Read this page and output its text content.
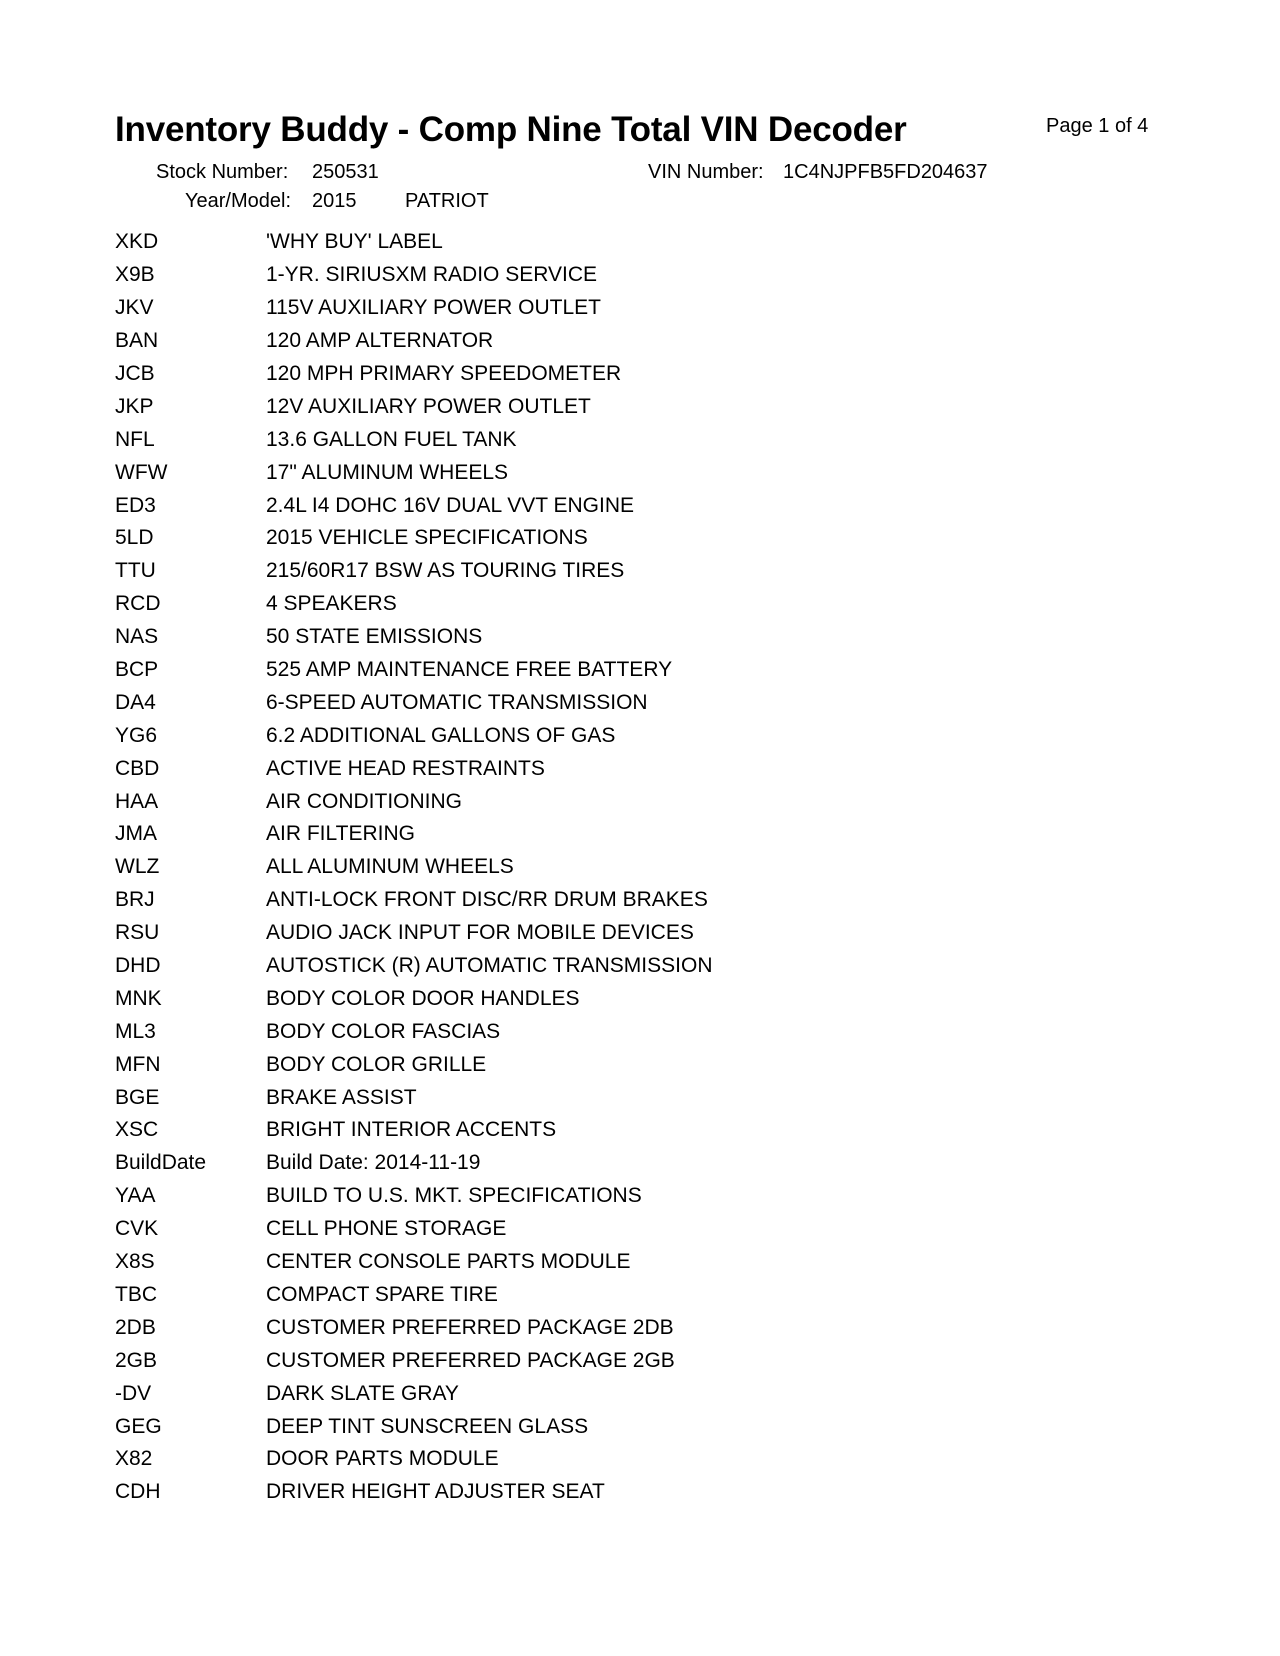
Inventory Buddy - Comp Nine Total VIN Decoder	Page 1 of 4
Stock Number: 250531	VIN Number: 1C4NJPFB5FD204637
Year/Model: 2015 PATRIOT
XKD	'WHY BUY' LABEL
X9B	1-YR. SIRIUSXM RADIO SERVICE
JKV	115V AUXILIARY POWER OUTLET
BAN	120 AMP ALTERNATOR
JCB	120 MPH PRIMARY SPEEDOMETER
JKP	12V AUXILIARY POWER OUTLET
NFL	13.6 GALLON FUEL TANK
WFW	17" ALUMINUM WHEELS
ED3	2.4L I4 DOHC 16V DUAL VVT ENGINE
5LD	2015 VEHICLE SPECIFICATIONS
TTU	215/60R17 BSW AS TOURING TIRES
RCD	4 SPEAKERS
NAS	50 STATE EMISSIONS
BCP	525 AMP MAINTENANCE FREE BATTERY
DA4	6-SPEED AUTOMATIC TRANSMISSION
YG6	6.2 ADDITIONAL GALLONS OF GAS
CBD	ACTIVE HEAD RESTRAINTS
HAA	AIR CONDITIONING
JMA	AIR FILTERING
WLZ	ALL ALUMINUM WHEELS
BRJ	ANTI-LOCK FRONT DISC/RR DRUM BRAKES
RSU	AUDIO JACK INPUT FOR MOBILE DEVICES
DHD	AUTOSTICK (R) AUTOMATIC TRANSMISSION
MNK	BODY COLOR DOOR HANDLES
ML3	BODY COLOR FASCIAS
MFN	BODY COLOR GRILLE
BGE	BRAKE ASSIST
XSC	BRIGHT INTERIOR ACCENTS
BuildDate	Build Date: 2014-11-19
YAA	BUILD TO U.S. MKT. SPECIFICATIONS
CVK	CELL PHONE STORAGE
X8S	CENTER CONSOLE PARTS MODULE
TBC	COMPACT SPARE TIRE
2DB	CUSTOMER PREFERRED PACKAGE 2DB
2GB	CUSTOMER PREFERRED PACKAGE 2GB
-DV	DARK SLATE GRAY
GEG	DEEP TINT SUNSCREEN GLASS
X82	DOOR PARTS MODULE
CDH	DRIVER HEIGHT ADJUSTER SEAT
